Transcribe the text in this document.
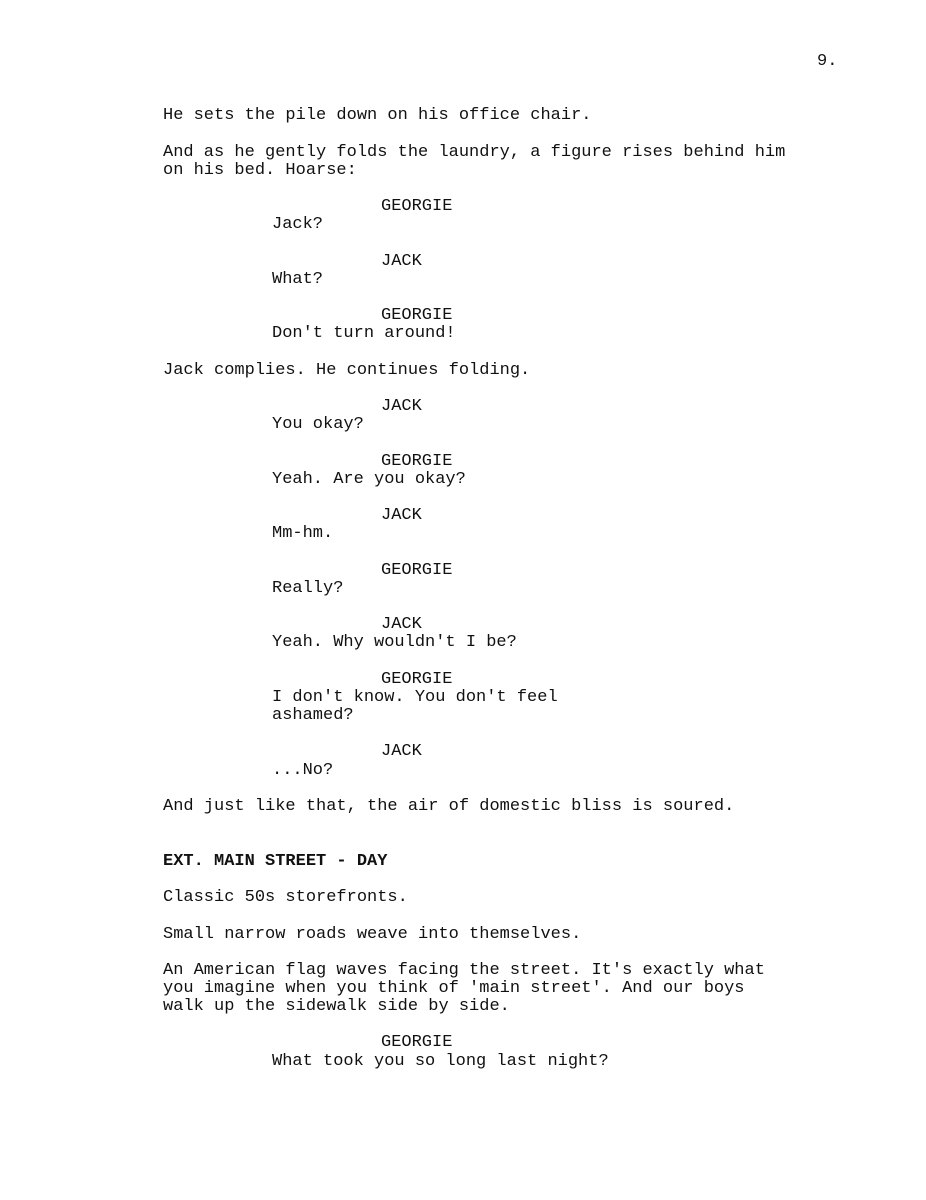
9.

He sets the pile down on his office chair.

And as he gently folds the laundry, a figure rises behind him

on his bed. Hoarse:

GEORGIE

Jack?

JACK

What?

GEORGIE

Don't turn around!

Jack complies. He continues folding.

JACK

You okay?

GEORGIE

Yeah. Are you okay?

JACK

Mm-hm.

GEORGIE

Really?

JACK

Yeah. Why wouldn't I be?

GEORGIE

I don't know. You don't feel

ashamed?

JACK

...No?

And just like that, the air of domestic bliss is soured.

EXT. MAIN STREET - DAY

Classic 50s storefronts.

Small narrow roads weave into themselves.

An American flag waves facing the street. It's exactly what

you imagine when you think of 'main street'. And our boys

walk up the sidewalk side by side.

GEORGIE

What took you so long last night?
